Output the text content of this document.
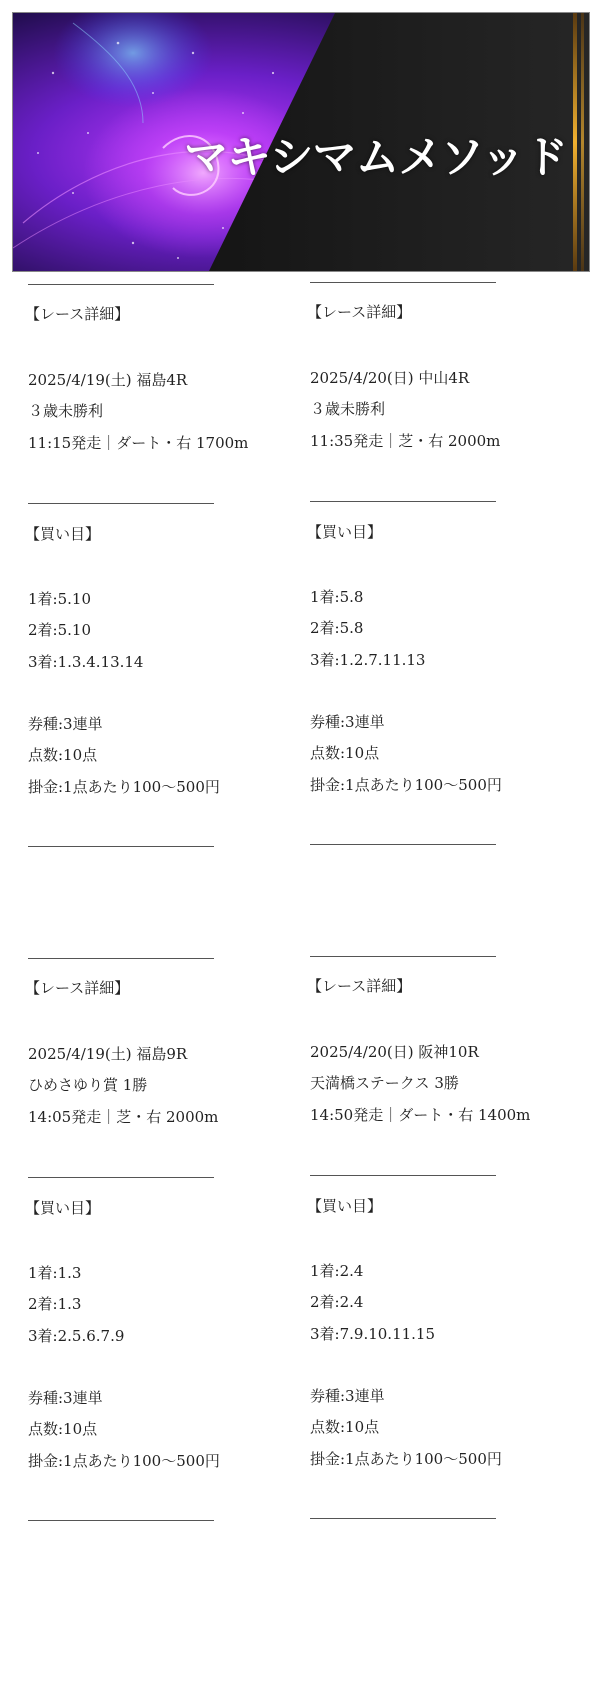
マキシマムメソッド
【レース詳細】
2025/4/19(土) 福島4R
３歳未勝利
11:15発走｜ダート・右 1700m
【買い目】
1着:5.10
2着:5.10
3着:1.3.4.13.14
券種:3連単
点数:10点
掛金:1点あたり100～500円
【レース詳細】
2025/4/20(日) 中山4R
３歳未勝利
11:35発走｜芝・右 2000m
【買い目】
1着:5.8
2着:5.8
3着:1.2.7.11.13
券種:3連単
点数:10点
掛金:1点あたり100～500円
【レース詳細】
2025/4/19(土) 福島9R
ひめさゆり賞 1勝
14:05発走｜芝・右 2000m
【買い目】
1着:1.3
2着:1.3
3着:2.5.6.7.9
券種:3連単
点数:10点
掛金:1点あたり100～500円
【レース詳細】
2025/4/20(日) 阪神10R
天満橋ステークス 3勝
14:50発走｜ダート・右 1400m
【買い目】
1着:2.4
2着:2.4
3着:7.9.10.11.15
券種:3連単
点数:10点
掛金:1点あたり100～500円
